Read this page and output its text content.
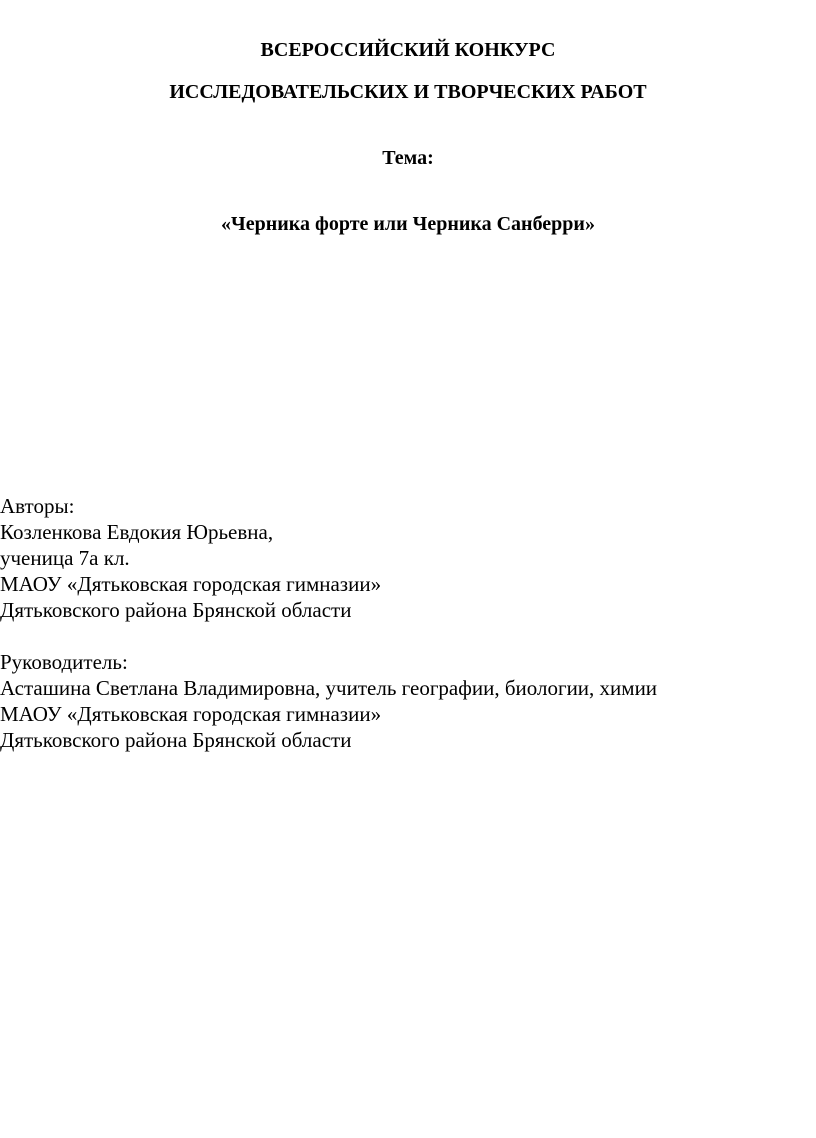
ВСЕРОССИЙСКИЙ КОНКУРС
ИССЛЕДОВАТЕЛЬСКИХ И ТВОРЧЕСКИХ РАБОТ
Тема:
«Черника форте или Черника Санберри»
Авторы:
Козленкова Евдокия Юрьевна,
ученица 7а кл.
МАОУ «Дятьковская городская гимназии»
Дятьковского района Брянской области
Руководитель:
Асташина Светлана Владимировна, учитель географии, биологии, химии
МАОУ «Дятьковская городская гимназии»
Дятьковского района Брянской области
